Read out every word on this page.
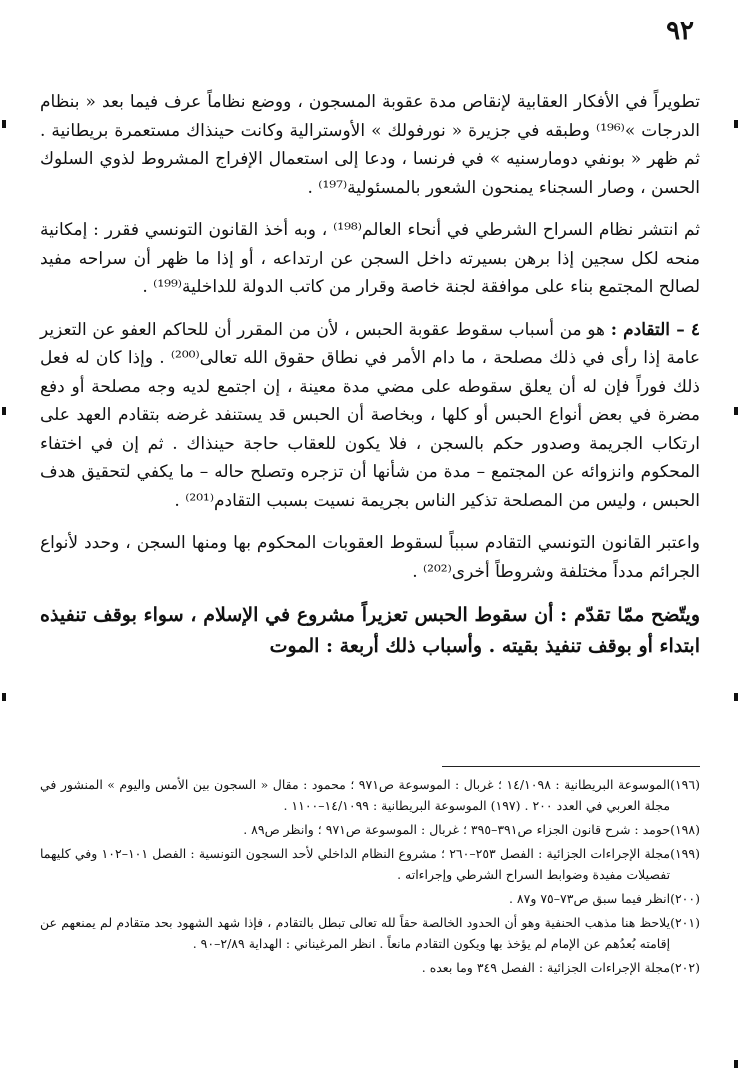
٩٢

تطويراً في الأفكار العقابية لإنقاص مدة عقوبة المسجون ، ووضع نظاماً عرف فيما بعد « بنظام الدرجات »⁽¹⁹⁶⁾ وطبقه في جزيرة « نورفولك » الأوسترالية وكانت حينذاك مستعمرة بريطانية . ثم ظهر « بونفي دومارسنيه » في فرنسا ، ودعا إلى استعمال الإفراج المشروط لذوي السلوك الحسن ، وصار السجناء يمنحون الشعور بالمسئولية⁽¹⁹⁷⁾ .

ثم انتشر نظام السراح الشرطي في أنحاء العالم⁽¹⁹⁸⁾ ، وبه أخذ القانون التونسي فقرر : إمكانية منحه لكل سجين إذا برهن بسيرته داخل السجن عن ارتداعه ، أو إذا ما ظهر أن سراحه مفيد لصالح المجتمع بناء على موافقة لجنة خاصة وقرار من كاتب الدولة للداخلية⁽¹⁹⁹⁾ .

٤ – التقادم : هو من أسباب سقوط عقوبة الحبس ، لأن من المقرر أن للحاكم العفو عن التعزير عامة إذا رأى في ذلك مصلحة ، ما دام الأمر في نطاق حقوق الله تعالى⁽²⁰⁰⁾ . وإذا كان له فعل ذلك فوراً فإن له أن يعلق سقوطه على مضي مدة معينة ، إن اجتمع لديه وجه مصلحة أو دفع مضرة في بعض أنواع الحبس أو كلها ، وبخاصة أن الحبس قد يستنفد غرضه بتقادم العهد على ارتكاب الجريمة وصدور حكم بالسجن ، فلا يكون للعقاب حاجة حينذاك . ثم إن في اختفاء المحكوم وانزوائه عن المجتمع – مدة من شأنها أن تزجره وتصلح حاله – ما يكفي لتحقيق هدف الحبس ، وليس من المصلحة تذكير الناس بجريمة نسيت بسبب التقادم⁽²⁰¹⁾ .

واعتبر القانون التونسي التقادم سبباً لسقوط العقوبات المحكوم بها ومنها السجن ، وحدد لأنواع الجرائم مدداً مختلفة وشروطاً أخرى⁽²⁰²⁾ .

ويتّضح ممّا تقدّم : أن سقوط الحبس تعزيراً مشروع في الإسلام ، سواء بوقف تنفيذه ابتداء أو بوقف تنفيذ بقيته . وأسباب ذلك أربعة : الموت

(١٩٦)
الموسوعة البريطانية : ١٤/١٠٩٨ ؛ غربال : الموسوعة ص٩٧١ ؛ محمود : مقال « السجون بين الأمس واليوم » المنشور في مجلة العربي في العدد ٢٠٠ . (١٩٧) الموسوعة البريطانية : ١٤/١٠٩٩–١١٠٠ .
(١٩٨)
حومد : شرح قانون الجزاء ص٣٩١–٣٩٥ ؛ غربال : الموسوعة ص٩٧١ ؛ وانظر ص٨٩ .
(١٩٩)
مجلة الإجراءات الجزائية : الفصل ٢٥٣–٢٦٠ ؛ مشروع النظام الداخلي لأحد السجون التونسية : الفصل ١٠١–١٠٢ وفي كليهما تفصيلات مفيدة وضوابط السراح الشرطي وإجراءاته .
(٢٠٠)
انظر فيما سبق ص٧٣–٧٥ و٨٧ .
(٢٠١)
يلاحظ هنا مذهب الحنفية وهو أن الحدود الخالصة حقاً لله تعالى تبطل بالتقادم ، فإذا شهد الشهود بحد متقادم لم يمنعهم عن إقامته بُعدُهم عن الإمام لم يؤخذ بها ويكون التقادم مانعاً . انظر المرغيناني : الهداية ٢/٨٩–٩٠ .
(٢٠٢)
مجلة الإجراءات الجزائية : الفصل ٣٤٩ وما بعده .
